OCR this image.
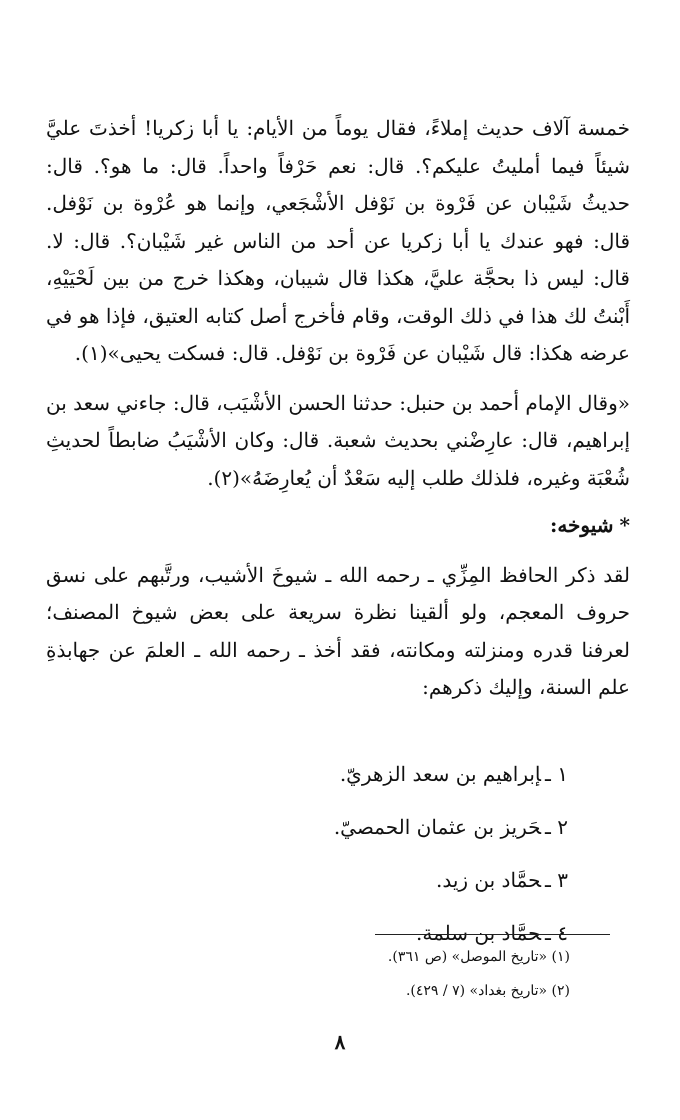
خمسة آلاف حديث إملاءً، فقال يوماً من الأيام: يا أبا زكريا! أخذتَ عليَّ شيئاً فيما أمليتُ عليكم؟. قال: نعم حَرْفاً واحداً. قال: ما هو؟. قال: حديثُ شَيْبان عن فَرْوة بن نَوْفل الأشْجَعي، وإنما هو عُرْوة بن نَوْفل. قال: فهو عندك يا أبا زكريا عن أحد من الناس غير شَيْبان؟. قال: لا. قال: ليس ذا بحجَّة عليَّ، هكذا قال شيبان، وهكذا خرج من بين لَحْيَيْهِ، أَبْنتُ لك هذا في ذلك الوقت، وقام فأخرج أصل كتابه العتيق، فإذا هو في عرضه هكذا: قال شَيْبان عن فَرْوة بن نَوْفل. قال: فسكت يحيى»(١).

«وقال الإمام أحمد بن حنبل: حدثنا الحسن الأشْيَب، قال: جاءني سعد بن إبراهيم، قال: عارِضْني بحديث شعبة. قال: وكان الأشْيَبُ ضابطاً لحديثِ شُعْبَة وغيره، فلذلك طلب إليه سَعْدٌ أن يُعارِضَهُ»(٢).

*شيوخه:

لقد ذكر الحافظ المِزِّي ـ رحمه الله ـ شيوخَ الأشيب، ورتَّبهم على نسق حروف المعجم، ولو ألقينا نظرة سريعة على بعض شيوخ المصنف؛ لعرفنا قدره ومنزلته ومكانته، فقد أخذ ـ رحمه الله ـ العلمَ عن جهابذةِ علم السنة، وإليك ذكرهم:

١ ـإبراهيم بن سعد الزهريّ.
٢ ـحَريز بن عثمان الحمصيّ.
٣ ـحمَّاد بن زيد.
٤ ـحمَّاد بن سلمة.
(١) «تاريخ الموصل» (ص ٣٦١).
(٢) «تاريخ بغداد» (٧ / ٤٢٩).
٨
